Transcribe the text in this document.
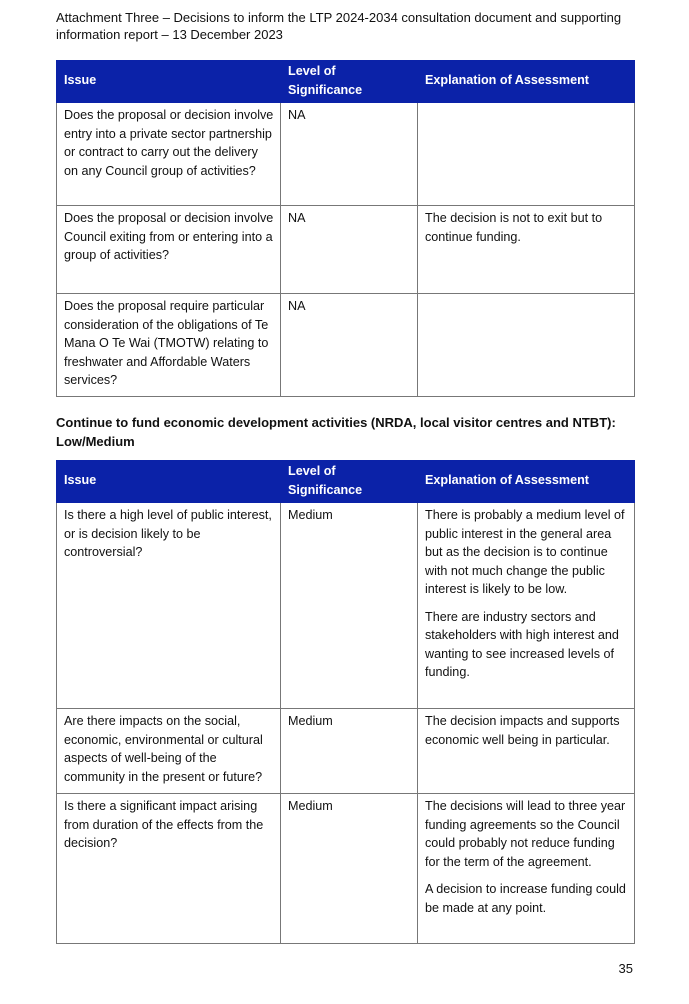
Attachment Three – Decisions to inform the LTP 2024-2034 consultation document and supporting information report – 13 December 2023
Issue	Level of Significance	Explanation of Assessment
Does the proposal or decision involve entry into a private sector partnership or contract to carry out the delivery on any Council group of activities?	NA	
Does the proposal or decision involve Council exiting from or entering into a group of activities?	NA	The decision is not to exit but to continue funding.
Does the proposal require particular consideration of the obligations of Te Mana O Te Wai (TMOTW) relating to freshwater and Affordable Waters services?	NA	
Continue to fund economic development activities (NRDA, local visitor centres and NTBT): Low/Medium
Issue	Level of Significance	Explanation of Assessment
Is there a high level of public interest, or is decision likely to be controversial?	Medium	There is probably a medium level of public interest in the general area but as the decision is to continue with not much change the public interest is likely to be low.

There are industry sectors and stakeholders with high interest and wanting to see increased levels of funding.

Are there impacts on the social, economic, environmental or cultural aspects of well-being of the community in the present or future?	Medium	The decision impacts and supports economic well being in particular.

Is there a significant impact arising from duration of the effects from the decision?	Medium	The decisions will lead to three year funding agreements so the Council could probably not reduce funding for the term of the agreement.

A decision to increase funding could be made at any point.

35
